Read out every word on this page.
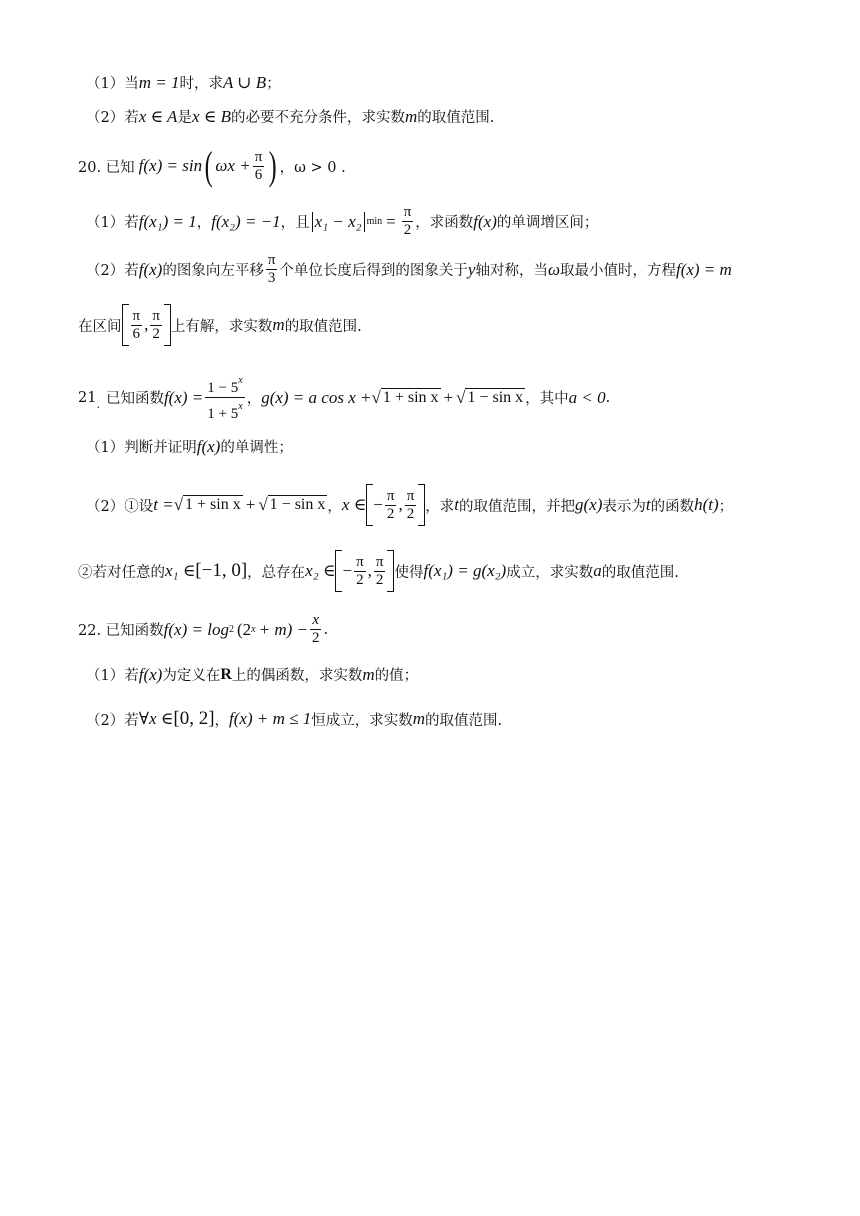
（1）当 m = 1 时，求 A ∪ B ；
（2）若 x ∈ A 是 x ∈ B 的必要不充分条件，求实数 m 的取值范围.
20. 已知 f(x) = sin ( $\omega x + \frac{\pi}{6}$ ) ，ω > 0 .
（1）若 f(x₁) = 1 ， f(x₂) = −1 ，且 x₁ − x₂ $\min = \frac{\pi}{2}$ ，求函数 f(x) 的单调增区间；
（2）若 f(x) 的图象向左平移 $\frac{\pi}{3}$ 个单位长度后得到的图象关于 y 轴对称，当 ω 取最小值时，方程 f(x) = m
在区间 $\frac{\pi}{6}$ , $\frac{\pi}{2}$ 上有解，求实数 m 的取值范围.
21 . 已知函数 $f(x) = \frac{1 - 5^x}{1 + 5^x}$ ， g(x) = a cos x + √ 1 + sin x + √ 1 − sin x ，其中 a < 0 .
（1）判断并证明 f(x) 的单调性；
（2）①设 t = √ 1 + sin x + √ 1 − sin x ， x ∈ − $\frac{\pi}{2}$ , $\frac{\pi}{2}$ ，求 t 的取值范围，并把 g(x) 表示为 t 的函数 h(t) ；
②若对任意的 x₁ ∈ [−1, 0] ，总存在 x₂ ∈ − $\frac{\pi}{2}$ , $\frac{\pi}{2}$ 使得 f(x₁) = g(x₂) 成立，求实数 a 的取值范围.
22. 已知函数 f(x) = log 2 (2 $x + m) - \frac{x}{2}$ .
（1）若 f(x) 为定义在 R 上的偶函数，求实数 m 的值；
（2）若 ∀x ∈ [0, 2] ， f(x) + m ≤ 1 恒成立，求实数 m 的取值范围.
